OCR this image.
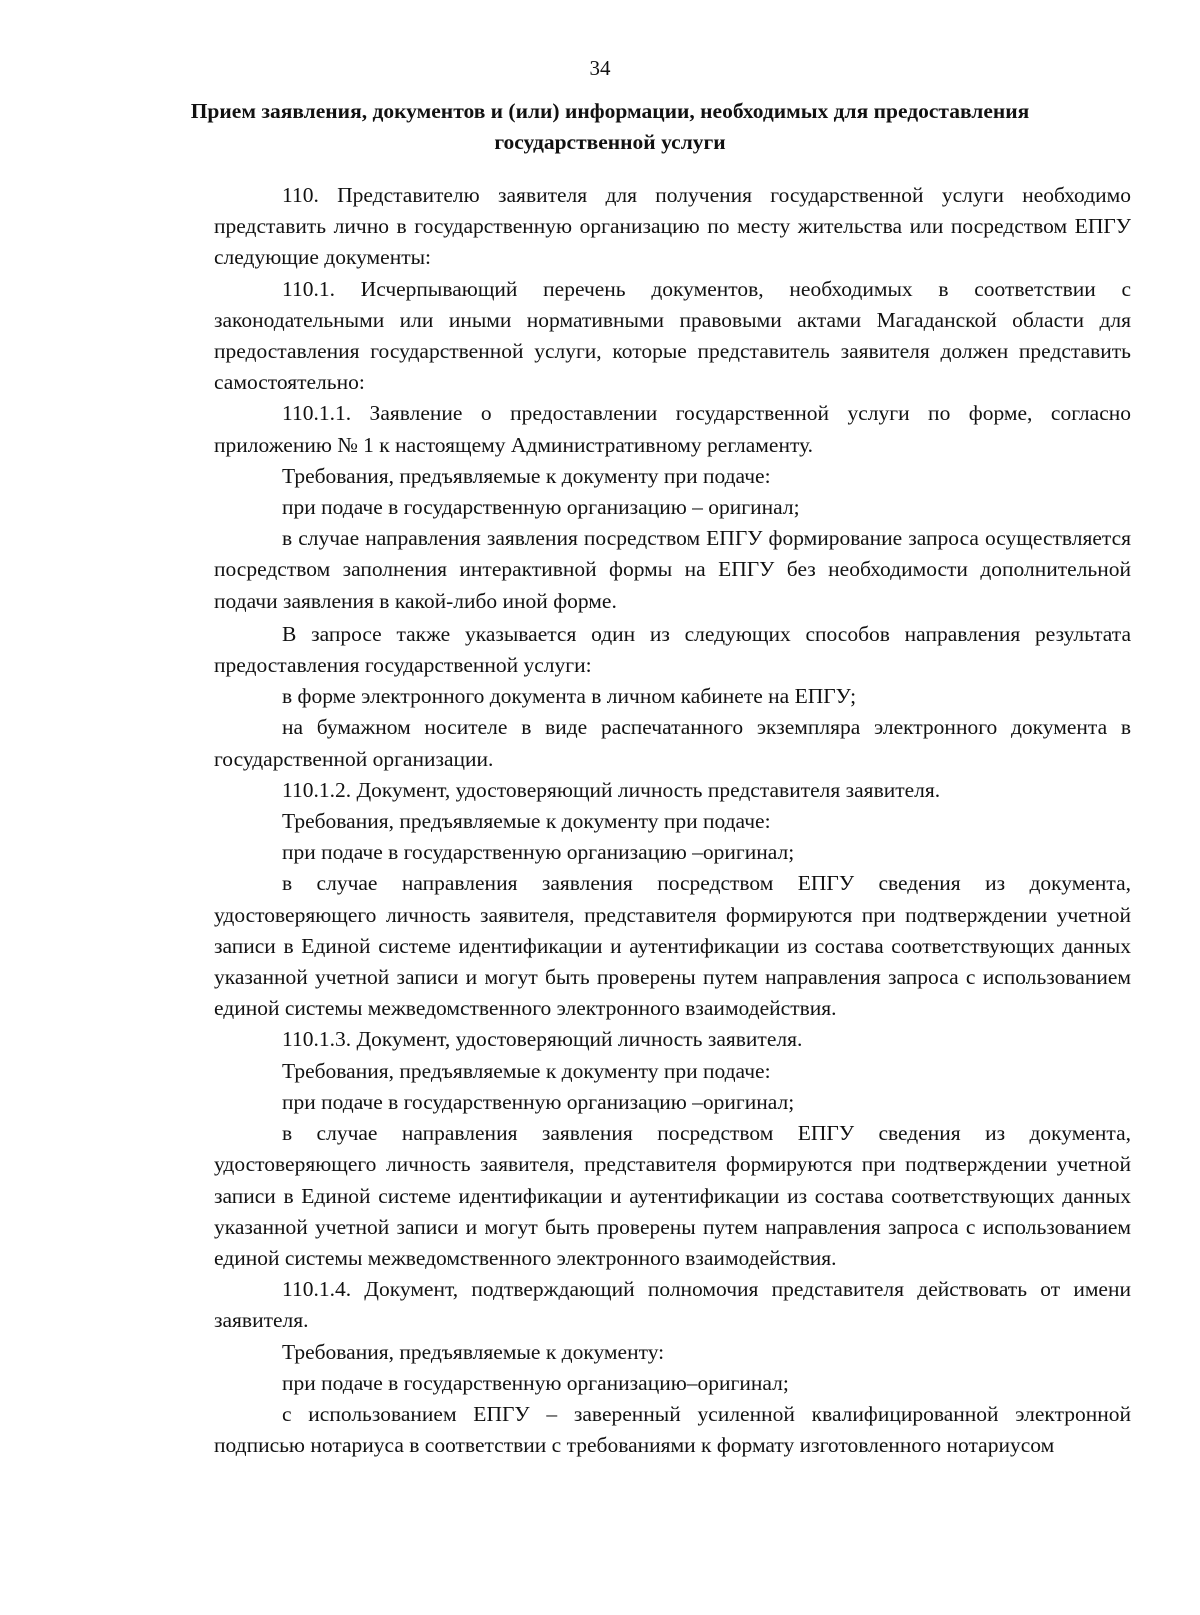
34
Прием заявления, документов и (или) информации, необходимых для предоставления государственной услуги

110. Представителю заявителя для получения государственной услуги необходимо представить лично в государственную организацию по месту жительства или посредством ЕПГУ следующие документы:

110.1. Исчерпывающий перечень документов, необходимых в соответствии с законодательными или иными нормативными правовыми актами Магаданской области для предоставления государственной услуги, которые представитель заявителя должен представить самостоятельно:

110.1.1. Заявление о предоставлении государственной услуги по форме, согласно приложению № 1 к настоящему Административному регламенту.

Требования, предъявляемые к документу при подаче:

при подаче в государственную организацию – оригинал;

в случае направления заявления посредством ЕПГУ формирование запроса осуществляется посредством заполнения интерактивной формы на ЕПГУ без необходимости дополнительной подачи заявления в какой-либо иной форме.

В запросе также указывается один из следующих способов направления результата предоставления государственной услуги:

в форме электронного документа в личном кабинете на ЕПГУ;

на бумажном носителе в виде распечатанного экземпляра электронного документа в государственной организации.

110.1.2. Документ, удостоверяющий личность представителя заявителя.

Требования, предъявляемые к документу при подаче:

при подаче в государственную организацию –оригинал;

в случае направления заявления посредством ЕПГУ сведения из документа, удостоверяющего личность заявителя, представителя формируются при подтверждении учетной записи в Единой системе идентификации и аутентификации из состава соответствующих данных указанной учетной записи и могут быть проверены путем направления запроса с использованием единой системы межведомственного электронного взаимодействия.

110.1.3. Документ, удостоверяющий личность заявителя.

Требования, предъявляемые к документу при подаче:

при подаче в государственную организацию –оригинал;

в случае направления заявления посредством ЕПГУ сведения из документа, удостоверяющего личность заявителя, представителя формируются при подтверждении учетной записи в Единой системе идентификации и аутентификации из состава соответствующих данных указанной учетной записи и могут быть проверены путем направления запроса с использованием единой системы межведомственного электронного взаимодействия.

110.1.4. Документ, подтверждающий полномочия представителя действовать от имени заявителя.

Требования, предъявляемые к документу:

при подаче в государственную организацию–оригинал;

с использованием ЕПГУ – заверенный усиленной квалифицированной электронной подписью нотариуса в соответствии с требованиями к формату изготовленного нотариусом
